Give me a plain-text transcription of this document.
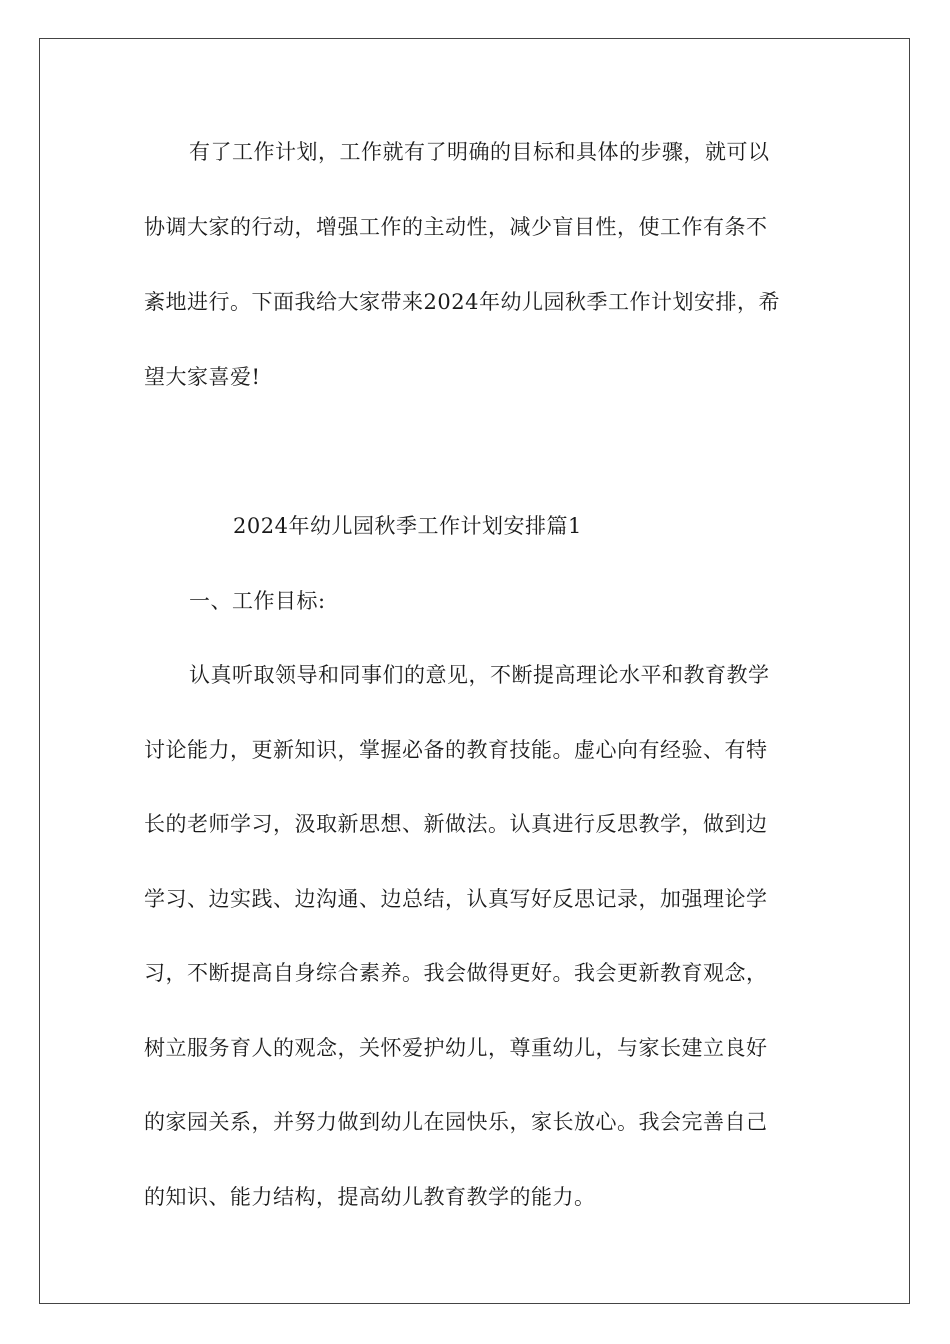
有了工作计划，工作就有了明确的目标和具体的步骤，就可以
协调大家的行动，增强工作的主动性，减少盲目性，使工作有条不
紊地进行。下面我给大家带来2024年幼儿园秋季工作计划安排，希
望大家喜爱!
2024年幼儿园秋季工作计划安排篇1
一、工作目标:
认真听取领导和同事们的意见，不断提高理论水平和教育教学
讨论能力，更新知识，掌握必备的教育技能。虚心向有经验、有特
长的老师学习，汲取新思想、新做法。认真进行反思教学，做到边
学习、边实践、边沟通、边总结，认真写好反思记录，加强理论学
习，不断提高自身综合素养。我会做得更好。我会更新教育观念，
树立服务育人的观念，关怀爱护幼儿，尊重幼儿，与家长建立良好
的家园关系，并努力做到幼儿在园快乐，家长放心。我会完善自己
的知识、能力结构，提高幼儿教育教学的能力。
